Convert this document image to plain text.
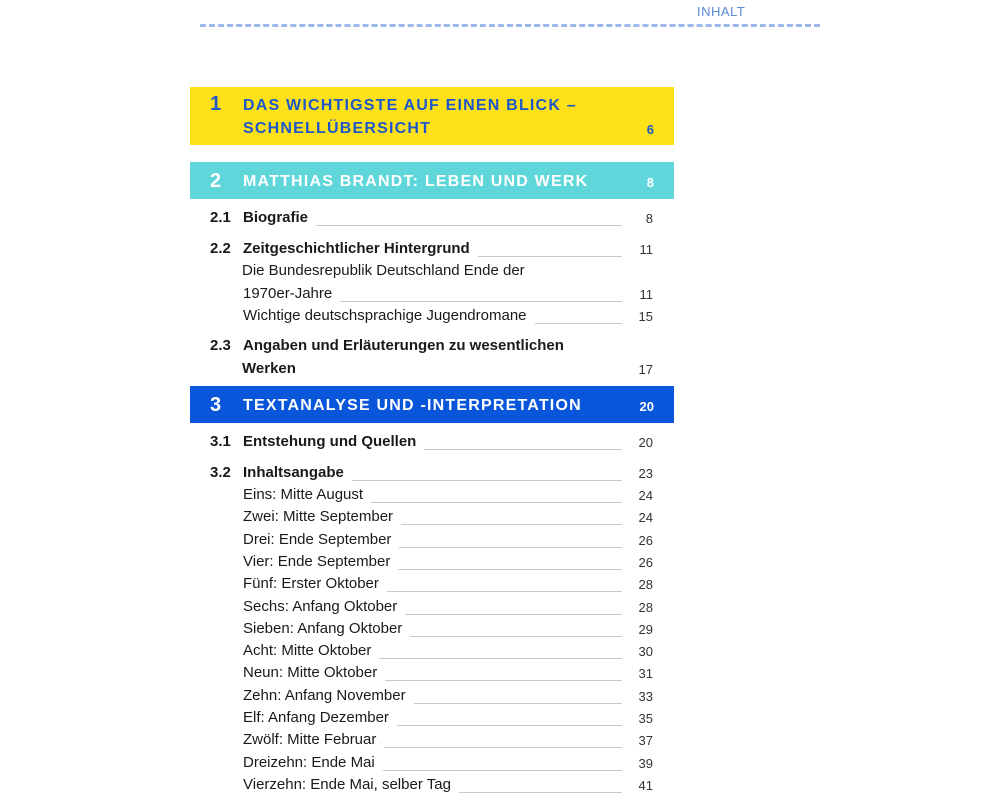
INHALT
1 DAS WICHTIGSTE AUF EINEN BLICK – SCHNELLÜBERSICHT	6
2 MATTHIAS BRANDT: LEBEN UND WERK	8
2.1 Biografie	8
2.2 Zeitgeschichtlicher Hintergrund	11
Die Bundesrepublik Deutschland Ende der
1970er-Jahre	11
Wichtige deutschsprachige Jugendromane	15
2.3 Angaben und Erläuterungen zu wesentlichen
Werken	17
3 TEXTANALYSE UND -INTERPRETATION	20
3.1 Entstehung und Quellen	20
3.2 Inhaltsangabe	23
Eins: Mitte August	24
Zwei: Mitte September	24
Drei: Ende September	26
Vier: Ende September	26
Fünf: Erster Oktober	28
Sechs: Anfang Oktober	28
Sieben: Anfang Oktober	29
Acht: Mitte Oktober	30
Neun: Mitte Oktober	31
Zehn: Anfang November	33
Elf: Anfang Dezember	35
Zwölf: Mitte Februar	37
Dreizehn: Ende Mai	39
Vierzehn: Ende Mai, selber Tag	41
